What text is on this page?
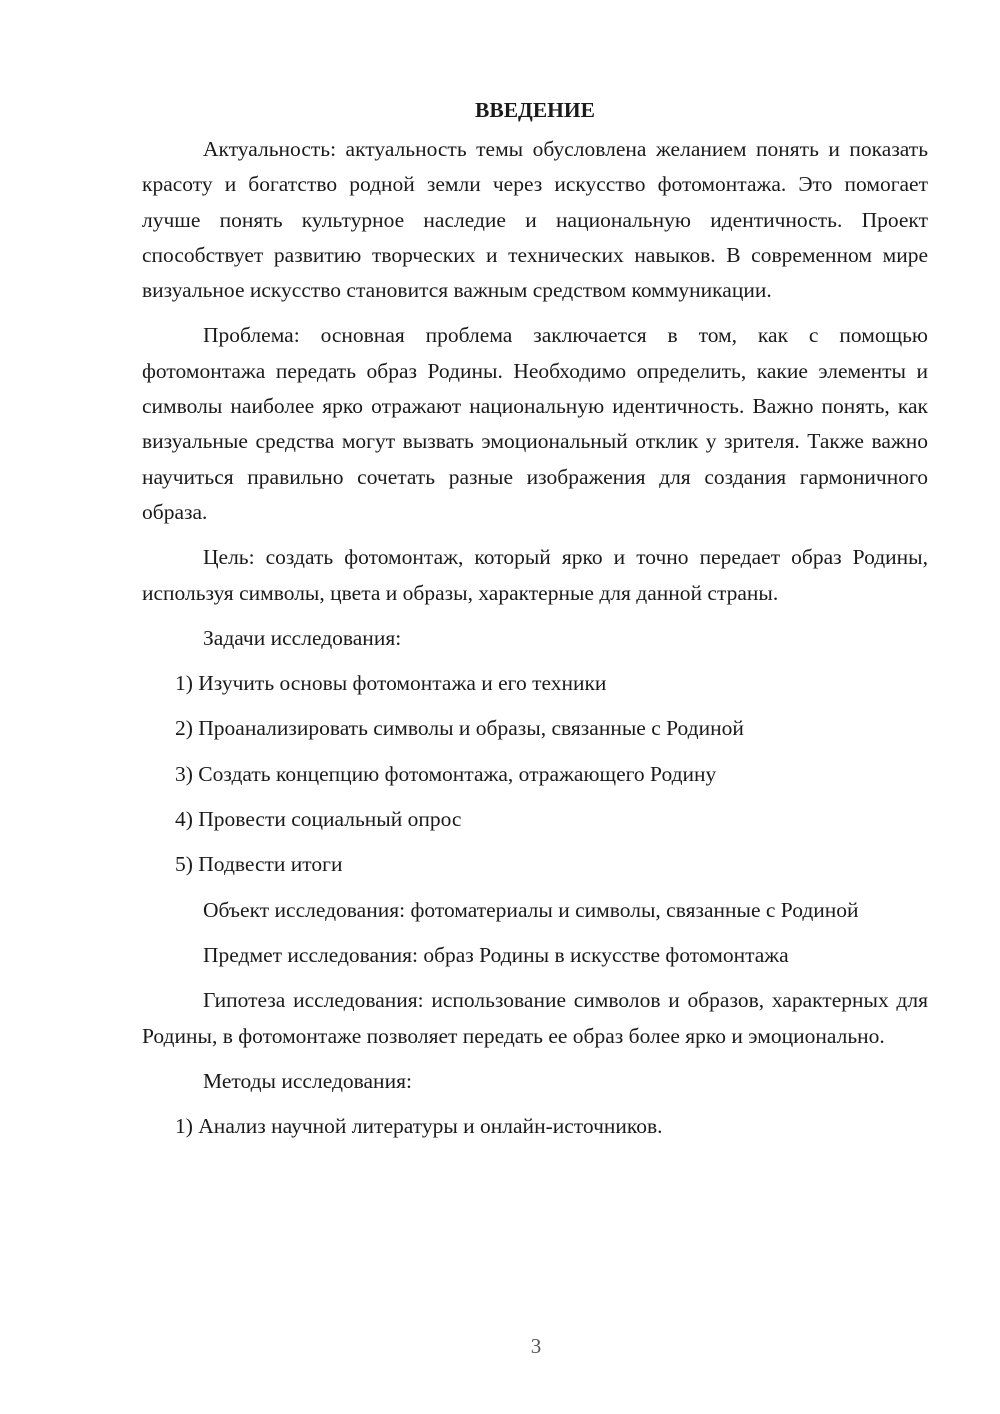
ВВЕДЕНИЕ

Актуальность: актуальность темы обусловлена желанием понять и показать красоту и богатство родной земли через искусство фотомонтажа. Это помогает лучше понять культурное наследие и национальную идентичность. Проект способствует развитию творческих и технических навыков. В современном мире визуальное искусство становится важным средством коммуникации.

Проблема: основная проблема заключается в том, как с помощью фотомонтажа передать образ Родины. Необходимо определить, какие элементы и символы наиболее ярко отражают национальную идентичность. Важно понять, как визуальные средства могут вызвать эмоциональный отклик у зрителя. Также важно научиться правильно сочетать разные изображения для создания гармоничного образа.

Цель: создать фотомонтаж, который ярко и точно передает образ Родины, используя символы, цвета и образы, характерные для данной страны.

Задачи исследования:

1) Изучить основы фотомонтажа и его техники

2) Проанализировать символы и образы, связанные с Родиной

3) Создать концепцию фотомонтажа, отражающего Родину

4) Провести социальный опрос

5) Подвести итоги

Объект исследования: фотоматериалы и символы, связанные с Родиной

Предмет исследования: образ Родины в искусстве фотомонтажа

Гипотеза исследования: использование символов и образов, характерных для Родины, в фотомонтаже позволяет передать ее образ более ярко и эмоционально.

Методы исследования:

1) Анализ научной литературы и онлайн-источников.

3
